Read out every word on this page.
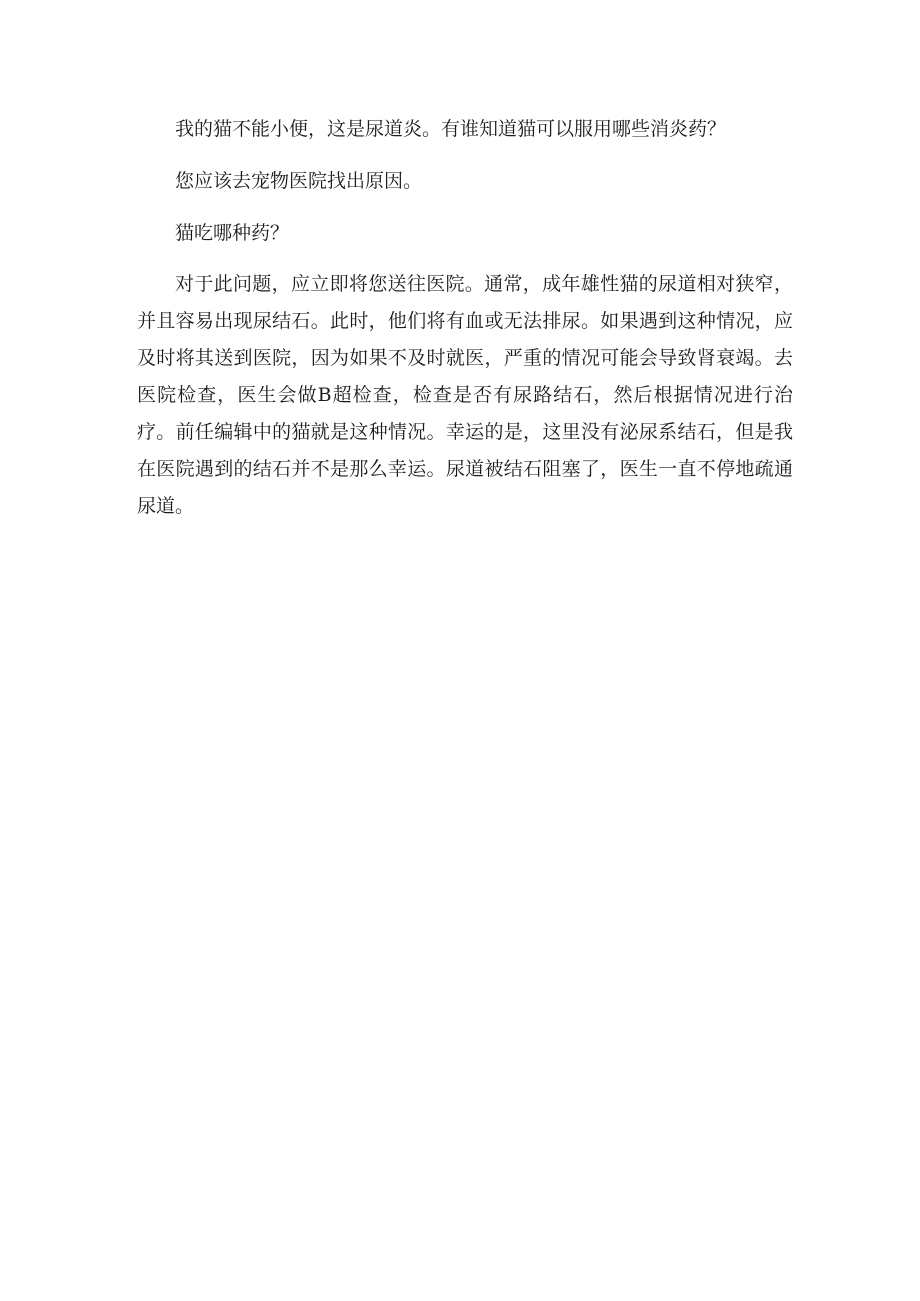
我的猫不能小便，这是尿道炎。有谁知道猫可以服用哪些消炎药？

您应该去宠物医院找出原因。

猫吃哪种药？

对于此问题，应立即将您送往医院。通常，成年雄性猫的尿道相对狭窄，并且容易出现尿结石。此时，他们将有血或无法排尿。如果遇到这种情况，应及时将其送到医院，因为如果不及时就医，严重的情况可能会导致肾衰竭。去医院检查，医生会做B超检查，检查是否有尿路结石，然后根据情况进行治疗。前任编辑中的猫就是这种情况。幸运的是，这里没有泌尿系结石，但是我在医院遇到的结石并不是那么幸运。尿道被结石阻塞了，医生一直不停地疏通尿道。
